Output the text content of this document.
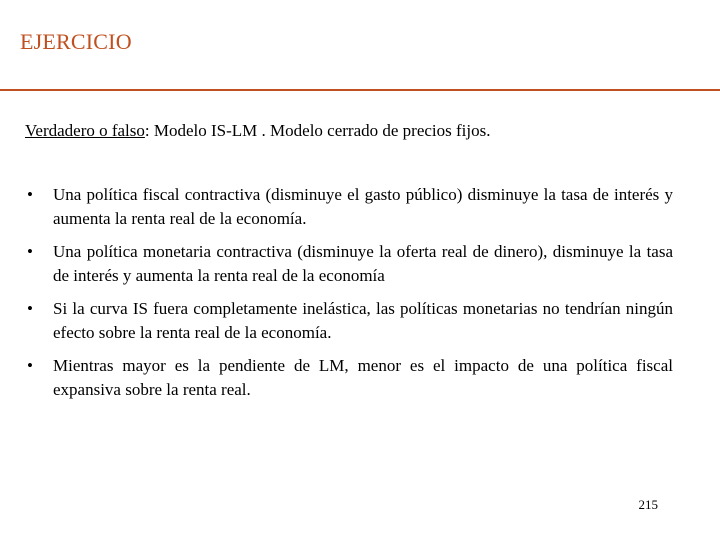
EJERCICIO
Verdadero o falso: Modelo IS-LM . Modelo cerrado de precios fijos.
• Una política fiscal contractiva (disminuye el gasto público) disminuye la tasa de interés y aumenta la renta real de la economía.
• Una política monetaria contractiva (disminuye la oferta real de dinero), disminuye la tasa de interés y aumenta la renta real de la economía
• Si la curva IS fuera completamente inelástica, las políticas monetarias no tendrían ningún efecto sobre la renta real de la economía.
• Mientras mayor es la pendiente de LM, menor es el impacto de una política fiscal expansiva sobre la renta real.
215
